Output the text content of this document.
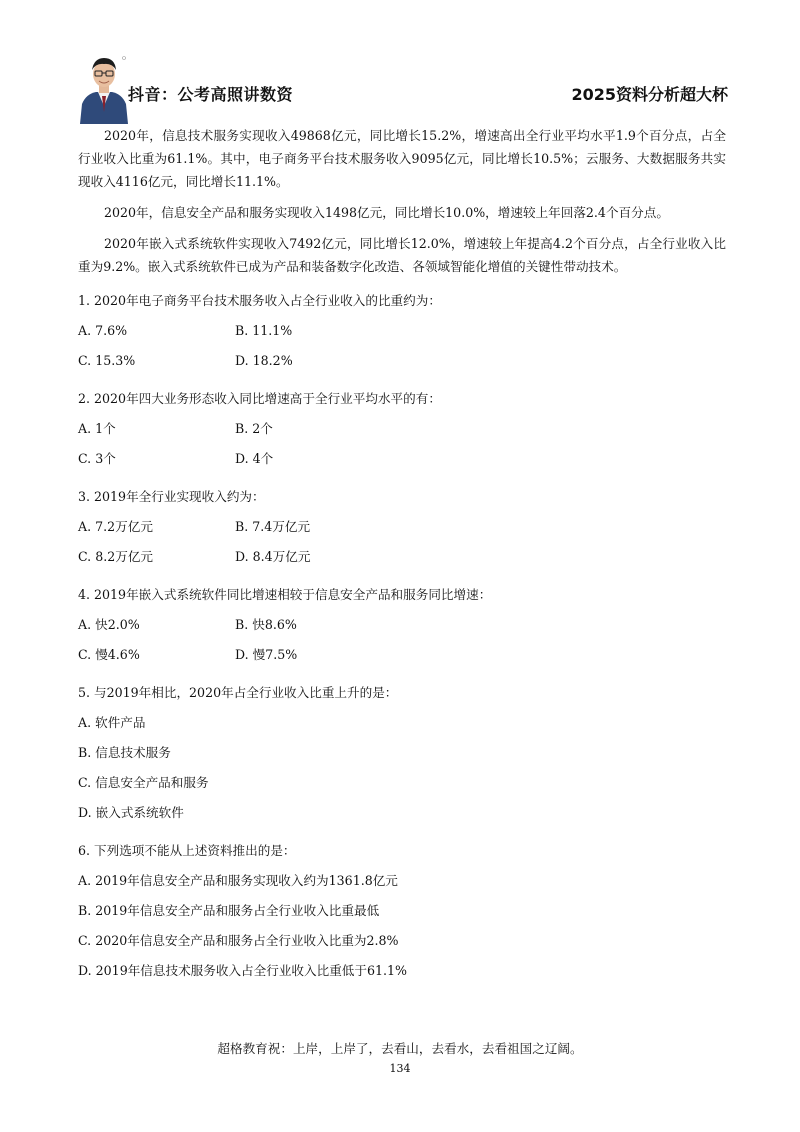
抖音：公考高照讲数资	2025资料分析超大杯

2020年，信息技术服务实现收入49868亿元，同比增长15.2%，增速高出全行业平均水平1.9个百分点，占全行业收入比重为61.1%。其中，电子商务平台技术服务收入9095亿元，同比增长10.5%；云服务、大数据服务共实现收入4116亿元，同比增长11.1%。

2020年，信息安全产品和服务实现收入1498亿元，同比增长10.0%，增速较上年回落2.4个百分点。

2020年嵌入式系统软件实现收入7492亿元，同比增长12.0%，增速较上年提高4.2个百分点，占全行业收入比重为9.2%。嵌入式系统软件已成为产品和装备数字化改造、各领域智能化增值的关键性带动技术。

1. 2020年电子商务平台技术服务收入占全行业收入的比重约为：
A. 7.6%	B. 11.1%
C. 15.3%	D. 18.2%
2. 2020年四大业务形态收入同比增速高于全行业平均水平的有：
A. 1个	B. 2个
C. 3个	D. 4个
3. 2019年全行业实现收入约为：
A. 7.2万亿元	B. 7.4万亿元
C. 8.2万亿元	D. 8.4万亿元
4. 2019年嵌入式系统软件同比增速相较于信息安全产品和服务同比增速：
A. 快2.0%	B. 快8.6%
C. 慢4.6%	D. 慢7.5%
5. 与2019年相比，2020年占全行业收入比重上升的是：
A. 软件产品
B. 信息技术服务
C. 信息安全产品和服务
D. 嵌入式系统软件
6. 下列选项不能从上述资料推出的是：
A. 2019年信息安全产品和服务实现收入约为1361.8亿元
B. 2019年信息安全产品和服务占全行业收入比重最低
C. 2020年信息安全产品和服务占全行业收入比重为2.8%
D. 2019年信息技术服务收入占全行业收入比重低于61.1%
超格教育祝：上岸，上岸了，去看山，去看水，去看祖国之辽阔。
134
